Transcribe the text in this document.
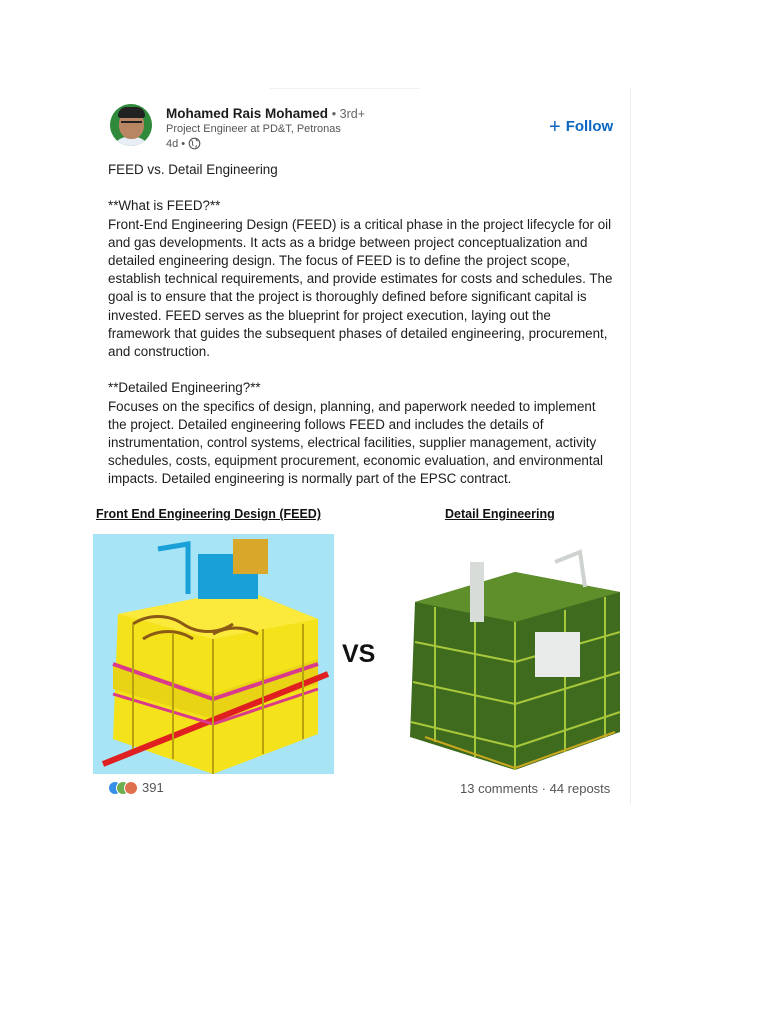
Mohamed Rais Mohamed • 3rd+
Project Engineer at PD&T, Petronas
4d •
+ Follow

FEED vs. Detail Engineering

**What is FEED?**

Front-End Engineering Design (FEED) is a critical phase in the project lifecycle for oil

and gas developments. It acts as a bridge between project conceptualization and

detailed engineering design. The focus of FEED is to define the project scope,

establish technical requirements, and provide estimates for costs and schedules. The

goal is to ensure that the project is thoroughly defined before significant capital is

invested. FEED serves as the blueprint for project execution, laying out the

framework that guides the subsequent phases of detailed engineering, procurement,

and construction.

**Detailed Engineering?**

Focuses on the specifics of design, planning, and paperwork needed to implement

the project. Detailed engineering follows FEED and includes the details of

instrumentation, control systems, electrical facilities, supplier management, activity

schedules, costs, equipment procurement, economic evaluation, and environmental

impacts. Detailed engineering is normally part of the EPSC contract.

Front End Engineering Design (FEED)	Detail Engineering
VS
391	13 comments · 44 reposts
